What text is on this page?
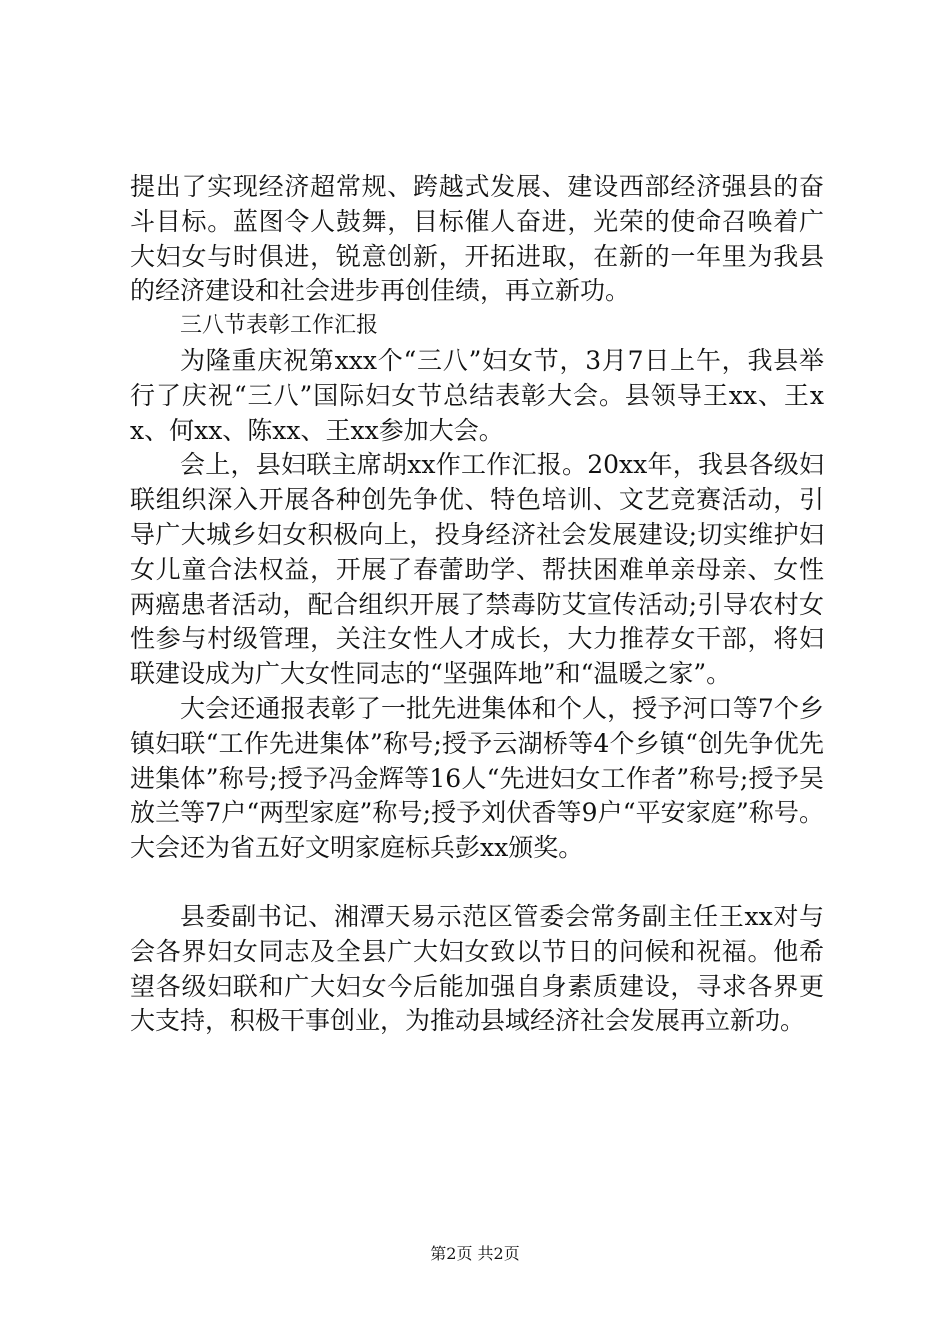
提出了实现经济超常规、跨越式发展、建设西部经济强县的奋斗目标。蓝图令人鼓舞，目标催人奋进，光荣的使命召唤着广大妇女与时俱进，锐意创新，开拓进取，在新的一年里为我县的经济建设和社会进步再创佳绩，再立新功。

三八节表彰工作汇报

为隆重庆祝第xxx个“三八”妇女节，3月7日上午，我县举行了庆祝“三八”国际妇女节总结表彰大会。县领导王xx、王xx、何xx、陈xx、王xx参加大会。

会上，县妇联主席胡xx作工作汇报。20xx年，我县各级妇联组织深入开展各种创先争优、特色培训、文艺竞赛活动，引导广大城乡妇女积极向上，投身经济社会发展建设;切实维护妇女儿童合法权益，开展了春蕾助学、帮扶困难单亲母亲、女性两癌患者活动，配合组织开展了禁毒防艾宣传活动;引导农村女性参与村级管理，关注女性人才成长，大力推荐女干部，将妇联建设成为广大女性同志的“坚强阵地”和“温暖之家”。

大会还通报表彰了一批先进集体和个人，授予河口等7个乡镇妇联“工作先进集体”称号;授予云湖桥等4个乡镇“创先争优先进集体”称号;授予冯金辉等16人“先进妇女工作者”称号;授予吴放兰等7户“两型家庭”称号;授予刘伏香等9户“平安家庭”称号。大会还为省五好文明家庭标兵彭xx颁奖。

县委副书记、湘潭天易示范区管委会常务副主任王xx对与会各界妇女同志及全县广大妇女致以节日的问候和祝福。他希望各级妇联和广大妇女今后能加强自身素质建设，寻求各界更大支持，积极干事创业，为推动县域经济社会发展再立新功。

第2页 共2页
